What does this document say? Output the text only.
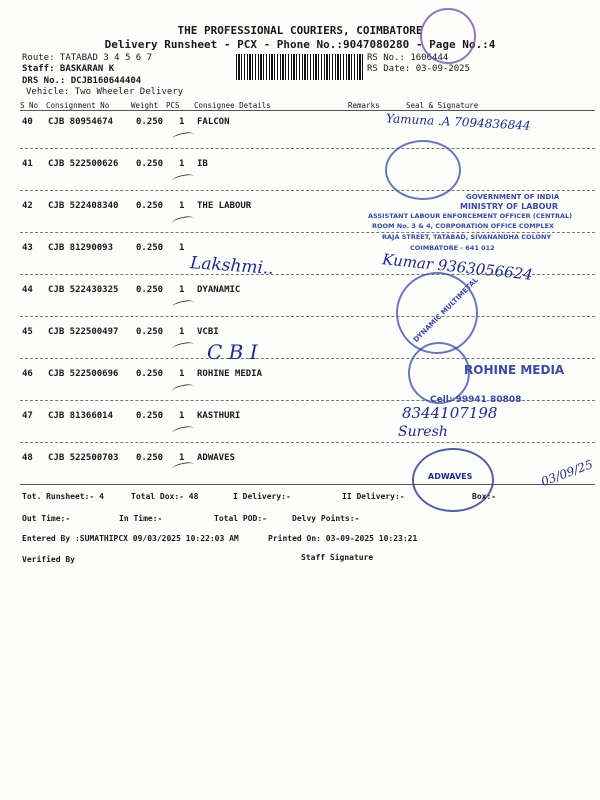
THE PROFESSIONAL COURIERS, COIMBATORE
Delivery Runsheet - PCX - Phone No.:9047080280 - Page No.:4
Route: TATABAD 3 4 5 6 7
Staff: BASKARAN K
DRS No.: DCJB160644404
Vehicle: Two Wheeler Delivery
RS No.: 1606444
RS Date: 03-09-2025
S No Consignment No	Weight PCS Consignee Details	Remarks	Seal & Signature
40 CJB 80954674	0.250 1 FALCON
41 CJB 522500626 0.250 1 IB
42 CJB 522408340 0.250 1 THE LABOUR
43 CJB 81290093	0.250 1
44 CJB 522430325 0.250 1 DYANAMIC
45 CJB 522500497 0.250 1 VCBI
46 CJB 522500696 0.250 1 ROHINE MEDIA
47 CJB 81366014	0.250 1 KASTHURI
48 CJB 522500703 0.250 1 ADWAVES
Yamuna .A 7094836844
Lakshmi..	Kumar 9363056624
C B I
8344107198
Suresh
03/09/25
GOVERNMENT OF INDIA
MINISTRY OF LABOUR
ASSISTANT LABOUR ENFORCEMENT OFFICER (CENTRAL)
ROOM No. 3 & 4, CORPORATION OFFICE COMPLEX
RAJA STREET, TATABAD, SIVANANDHA COLONY
COIMBATORE - 641 012
DYNAMIC MULTIMETAL
ROHINE MEDIA
Cell: 99941 80808
ADWAVES
Tot. Runsheet:- 4	Total Dox:- 48	I Delivery:-	II Delivery:-	Box:-
Out Time:-	In Time:-	Total POD:-	Delvy Points:-
Entered By :SUMATHIPCX 09/03/2025 10:22:03 AM	Printed On: 03-09-2025 10:23:21
Verified By	Staff Signature
